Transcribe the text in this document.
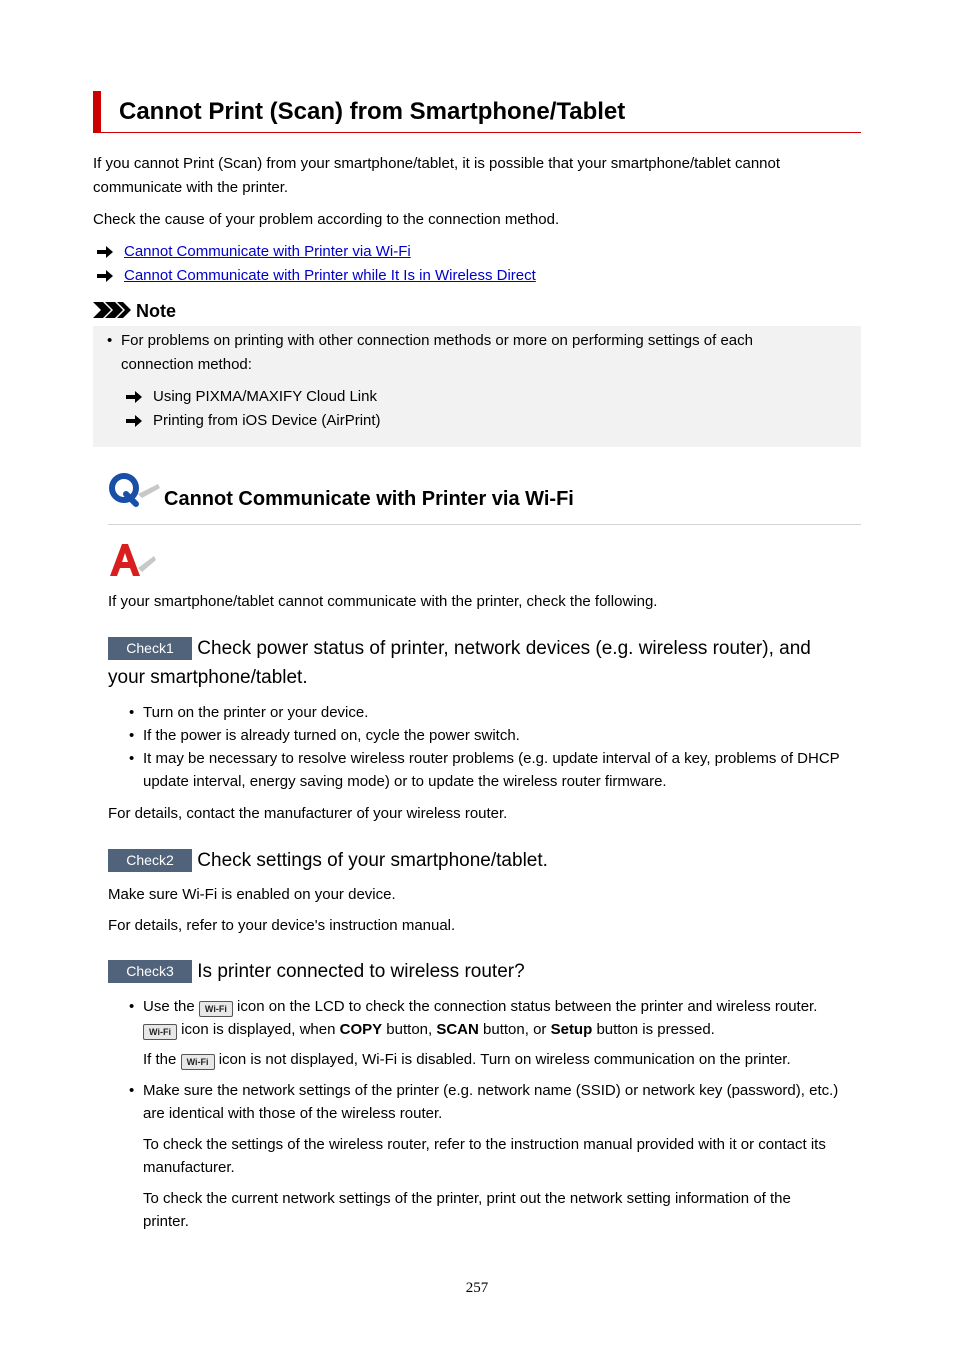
Cannot Print (Scan) from Smartphone/Tablet

If you cannot Print (Scan) from your smartphone/tablet, it is possible that your smartphone/tablet cannot

communicate with the printer.

Check the cause of your problem according to the connection method.

Cannot Communicate with Printer via Wi-Fi
Cannot Communicate with Printer while It Is in Wireless Direct
Note
• For problems on printing with other connection methods or more on performing settings of each

connection method:

Using PIXMA/MAXIFY Cloud Link
Printing from iOS Device (AirPrint)
Cannot Communicate with Printer via Wi-Fi

If your smartphone/tablet cannot communicate with the printer, check the following.

Check1 Check power status of printer, network devices (e.g. wireless router), and
your smartphone/tablet.
• Turn on the printer or your device.
• If the power is already turned on, cycle the power switch.
• It may be necessary to resolve wireless router problems (e.g. update interval of a key, problems of DHCP
update interval, energy saving mode) or to update the wireless router firmware.

For details, contact the manufacturer of your wireless router.

Check2 Check settings of your smartphone/tablet.

Make sure Wi-Fi is enabled on your device.

For details, refer to your device's instruction manual.

Check3 Is printer connected to wireless router?
• Use the Wi-Fi icon on the LCD to check the connection status between the printer and wireless router.
Wi-Fi icon is displayed, when COPY button, SCAN button, or Setup button is pressed.
If the Wi-Fi icon is not displayed, Wi-Fi is disabled. Turn on wireless communication on the printer.
• Make sure the network settings of the printer (e.g. network name (SSID) or network key (password), etc.)
are identical with those of the wireless router.
To check the settings of the wireless router, refer to the instruction manual provided with it or contact its
manufacturer.
To check the current network settings of the printer, print out the network setting information of the
printer.
257
